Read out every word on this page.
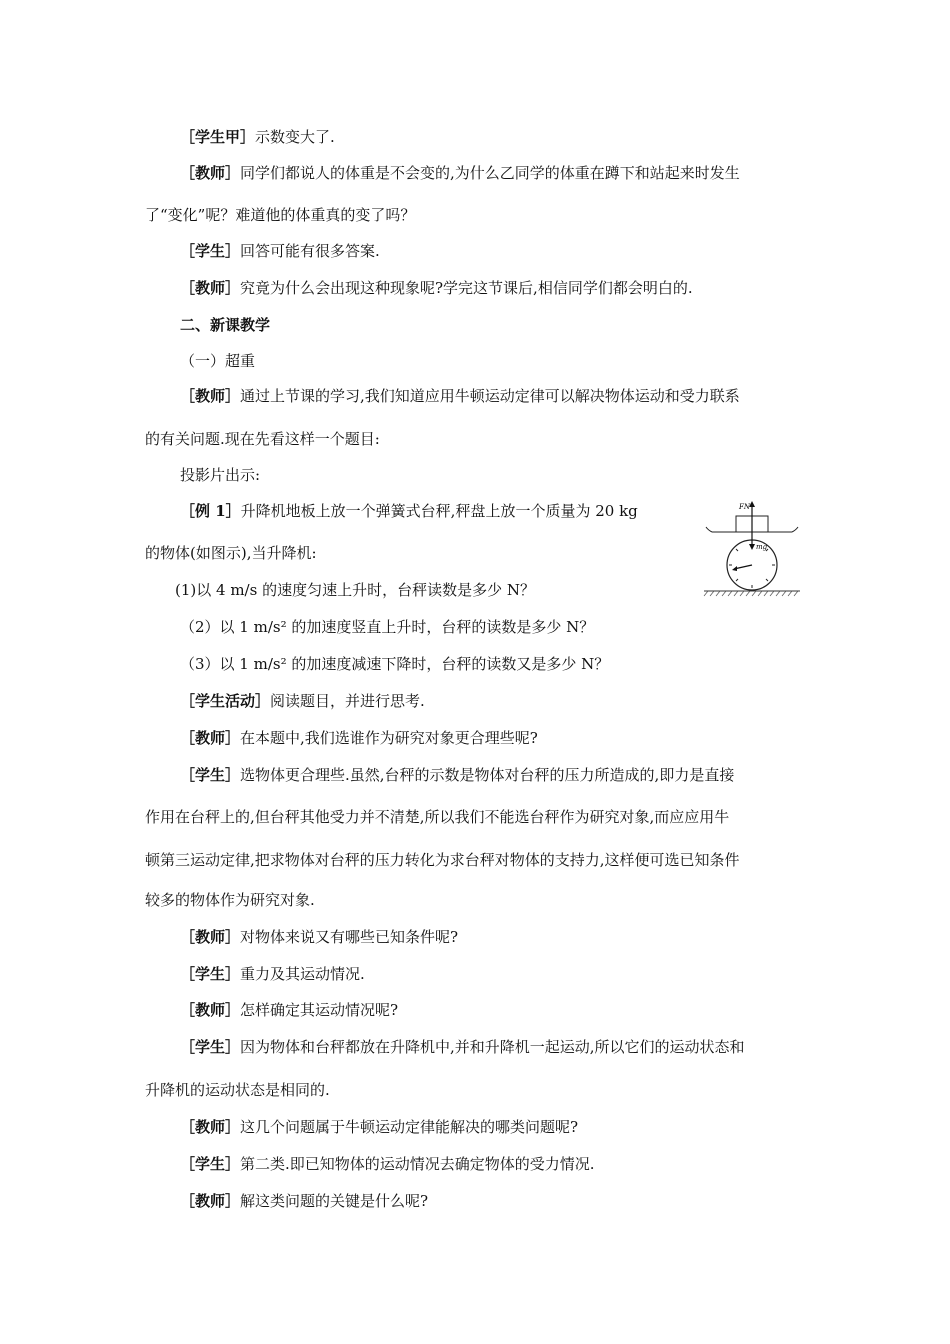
［学生甲］示数变大了.
［教师］同学们都说人的体重是不会变的,为什么乙同学的体重在蹲下和站起来时发生
了“变化”呢？难道他的体重真的变了吗？
［学生］回答可能有很多答案.
［教师］究竟为什么会出现这种现象呢?学完这节课后,相信同学们都会明白的.
二、新课教学
（一）超重
［教师］通过上节课的学习,我们知道应用牛顿运动定律可以解决物体运动和受力联系
的有关问题.现在先看这样一个题目:
投影片出示:
［例 1］升降机地板上放一个弹簧式台秤,秤盘上放一个质量为 20 kg
的物体(如图示),当升降机:
(1)以 4 m/s 的速度匀速上升时，台秤读数是多少 N？
（2）以 1 m/s² 的加速度竖直上升时，台秤的读数是多少 N？
（3）以 1 m/s² 的加速度减速下降时，台秤的读数又是多少 N？
［学生活动］阅读题目，并进行思考.
［教师］在本题中,我们选谁作为研究对象更合理些呢?
［学生］选物体更合理些.虽然,台秤的示数是物体对台秤的压力所造成的,即力是直接
作用在台秤上的,但台秤其他受力并不清楚,所以我们不能选台秤作为研究对象,而应应用牛
顿第三运动定律,把求物体对台秤的压力转化为求台秤对物体的支持力,这样便可选已知条件
较多的物体作为研究对象.
［教师］对物体来说又有哪些已知条件呢?
［学生］重力及其运动情况.
［教师］怎样确定其运动情况呢?
［学生］因为物体和台秤都放在升降机中,并和升降机一起运动,所以它们的运动状态和
升降机的运动状态是相同的.
［教师］这几个问题属于牛顿运动定律能解决的哪类问题呢?
［学生］第二类.即已知物体的运动情况去确定物体的受力情况.
［教师］解这类问题的关键是什么呢?
FN
mg
